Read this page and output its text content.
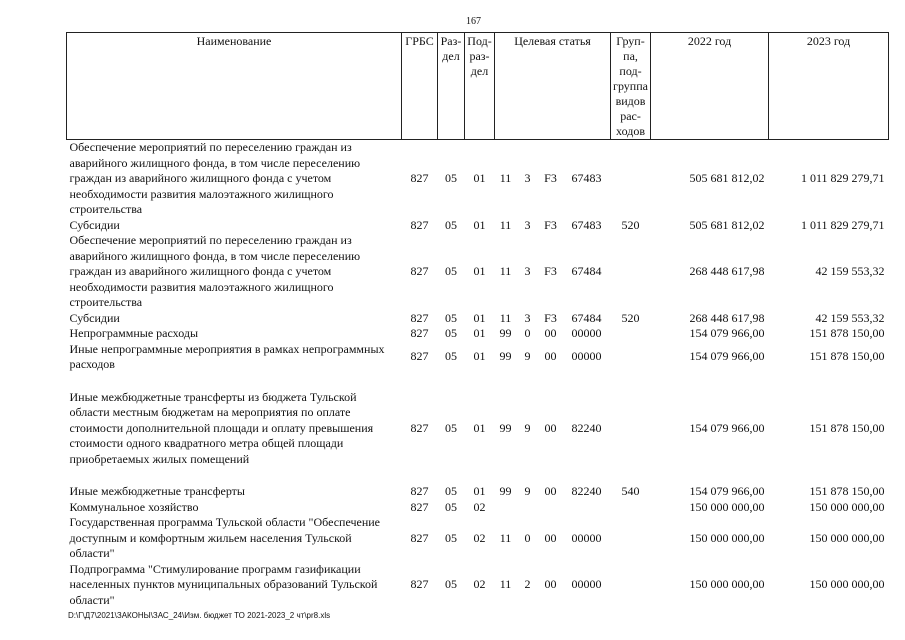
167
Наименование	ГРБС	Раз-дел	Под-раз-дел	Целевая статья				Груп-па, под-группа видов рас-ходов	2022 год	2023 год
Обеспечение мероприятий по переселению граждан из аварийного жилищного фонда, в том числе переселению граждан из аварийного жилищного фонда с учетом необходимости развития малоэтажного жилищного строительства	827	05	01	11	3	F3	67483		505 681 812,02	1 011 829 279,71
Субсидии	827	05	01	11	3	F3	67483	520	505 681 812,02	1 011 829 279,71
Обеспечение мероприятий по переселению граждан из аварийного жилищного фонда, в том числе переселению граждан из аварийного жилищного фонда с учетом необходимости развития малоэтажного жилищного строительства	827	05	01	11	3	F3	67484		268 448 617,98	42 159 553,32
Субсидии	827	05	01	11	3	F3	67484	520	268 448 617,98	42 159 553,32
Непрограммные расходы	827	05	01	99	0	00	00000		154 079 966,00	151 878 150,00
Иные непрограммные мероприятия в рамках непрограммных расходов	827	05	01	99	9	00	00000		154 079 966,00	151 878 150,00

Иные межбюджетные трансферты из бюджета Тульской области местным бюджетам на мероприятия по оплате стоимости дополнительной площади и оплату превышения стоимости одного квадратного метра общей площади приобретаемых жилых помещений	827	05	01	99	9	00	82240		154 079 966,00	151 878 150,00

Иные межбюджетные трансферты	827	05	01	99	9	00	82240	540	154 079 966,00	151 878 150,00
Коммунальное хозяйство	827	05	02						150 000 000,00	150 000 000,00
Государственная программа Тульской области "Обеспечение доступным и комфортным жильем населения Тульской области"	827	05	02	11	0	00	00000		150 000 000,00	150 000 000,00
Подпрограмма "Стимулирование программ газификации населенных пунктов муниципальных образований Тульской области"	827	05	02	11	2	00	00000		150 000 000,00	150 000 000,00
D:\Г\Д7\2021\ЗАКОНЫ\ЗАС_24\Изм. бюджет ТО 2021-2023_2 чт\pr8.xls
